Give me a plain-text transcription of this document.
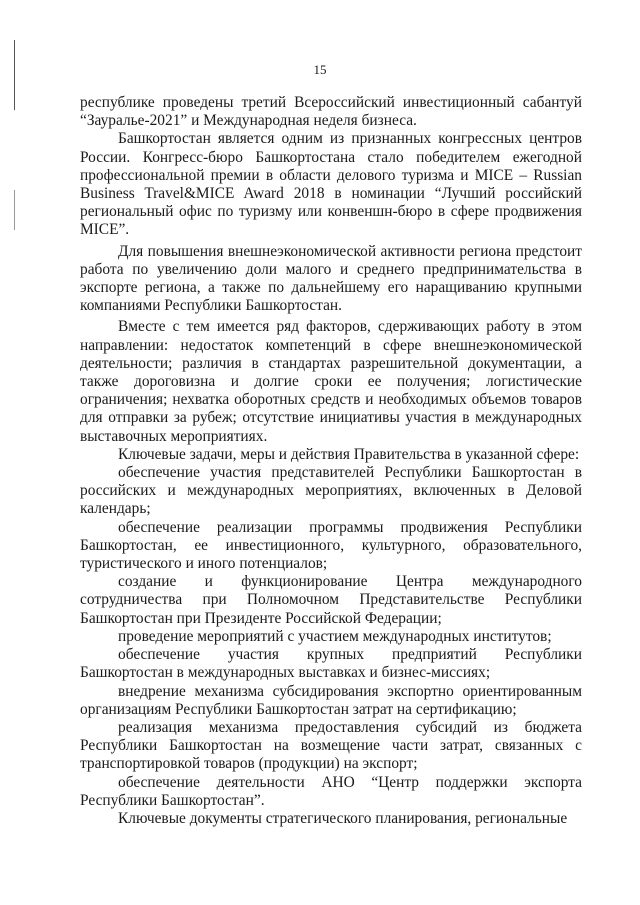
15

республике проведены третий Всероссийский инвестиционный сабантуй “Зауралье-2021” и Международная неделя бизнеса.

Башкортостан является одним из признанных конгрессных центров России. Конгресс-бюро Башкортостана стало победителем ежегодной профессиональной премии в области делового туризма и MICE – Russian Business Travel&MICE Award 2018 в номинации “Лучший российский региональный офис по туризму или конвеншн-бюро в сфере продвижения MICE”.

Для повышения внешнеэкономической активности региона предстоит работа по увеличению доли малого и среднего предпринимательства в экспорте региона, а также по дальнейшему его наращиванию крупными компаниями Республики Башкортостан.

Вместе с тем имеется ряд факторов, сдерживающих работу в этом направлении: недостаток компетенций в сфере внешнеэкономической деятельности; различия в стандартах разрешительной документации, а также дороговизна и долгие сроки ее получения; логистические ограничения; нехватка оборотных средств и необходимых объемов товаров для отправки за рубеж; отсутствие инициативы участия в международных выставочных мероприятиях.

Ключевые задачи, меры и действия Правительства в указанной сфере:

обеспечение участия представителей Республики Башкортостан в российских и международных мероприятиях, включенных в Деловой календарь;

обеспечение реализации программы продвижения Республики Башкортостан, ее инвестиционного, культурного, образовательного, туристического и иного потенциалов;

создание и функционирование Центра международного сотрудничества при Полномочном Представительстве Республики Башкортостан при Президенте Российской Федерации;

проведение мероприятий с участием международных институтов;

обеспечение участия крупных предприятий Республики Башкортостан в международных выставках и бизнес-миссиях;

внедрение механизма субсидирования экспортно ориентированным организациям Республики Башкортостан затрат на сертификацию;

реализация механизма предоставления субсидий из бюджета Республики Башкортостан на возмещение части затрат, связанных с транспортировкой товаров (продукции) на экспорт;

обеспечение деятельности АНО “Центр поддержки экспорта Республики Башкортостан”.

Ключевые документы стратегического планирования, региональные
